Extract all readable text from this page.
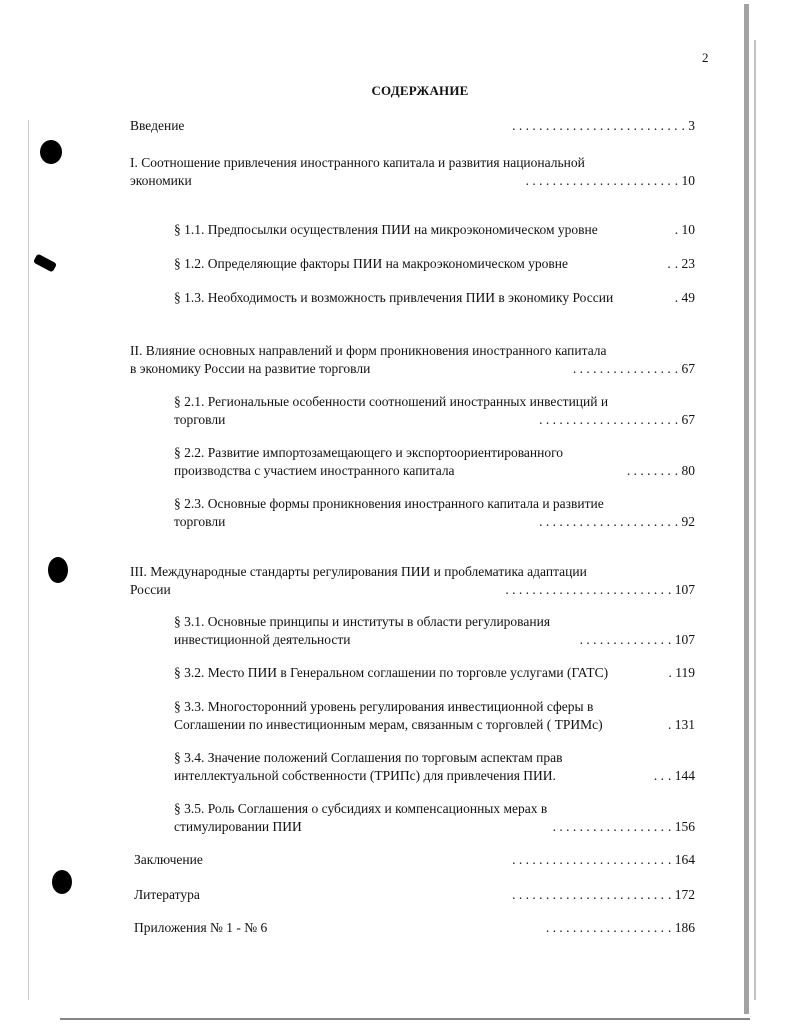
2
СОДЕРЖАНИЕ
Введение	. . . . . . . . . . . . . . . . . . . . . . . . . . 3
I. Соотношение привлечения иностранного капитала и развития национальной
экономики	. . . . . . . . . . . . . . . . . . . . . . . 10
§ 1.1. Предпосылки осуществления ПИИ на микроэкономическом уровне	. 10
§ 1.2. Определяющие факторы ПИИ на макроэкономическом уровне	. . 23
§ 1.3. Необходимость и возможность привлечения ПИИ в экономику России	. 49
II. Влияние основных направлений и форм проникновения иностранного капитала
в экономику России на развитие торговли	. . . . . . . . . . . . . . . . 67
§ 2.1. Региональные особенности соотношений иностранных инвестиций и
торговли	. . . . . . . . . . . . . . . . . . . . . 67
§ 2.2. Развитие импортозамещающего и экспортоориентированного
производства с участием иностранного капитала	. . . . . . . . 80
§ 2.3. Основные формы проникновения иностранного капитала и развитие
торговли	. . . . . . . . . . . . . . . . . . . . . 92
III. Международные стандарты регулирования ПИИ и проблематика адаптации
России	. . . . . . . . . . . . . . . . . . . . . . . . . 107
§ 3.1. Основные принципы и институты в области регулирования
инвестиционной деятельности	. . . . . . . . . . . . . . 107
§ 3.2. Место ПИИ в Генеральном соглашении по торговле услугами (ГАТС)	. 119
§ 3.3. Многосторонний уровень регулирования инвестиционной сферы в
Соглашении по инвестиционным мерам, связанным с торговлей ( ТРИМс)	. 131
§ 3.4. Значение положений Соглашения по торговым аспектам прав
интеллектуальной собственности (ТРИПс) для привлечения ПИИ.	. . . 144
§ 3.5. Роль Соглашения о субсидиях и компенсационных мерах в
стимулировании ПИИ	. . . . . . . . . . . . . . . . . . 156
Заключение	. . . . . . . . . . . . . . . . . . . . . . . . 164
Литература	. . . . . . . . . . . . . . . . . . . . . . . . 172
Приложения № 1 - № 6	. . . . . . . . . . . . . . . . . . . 186
